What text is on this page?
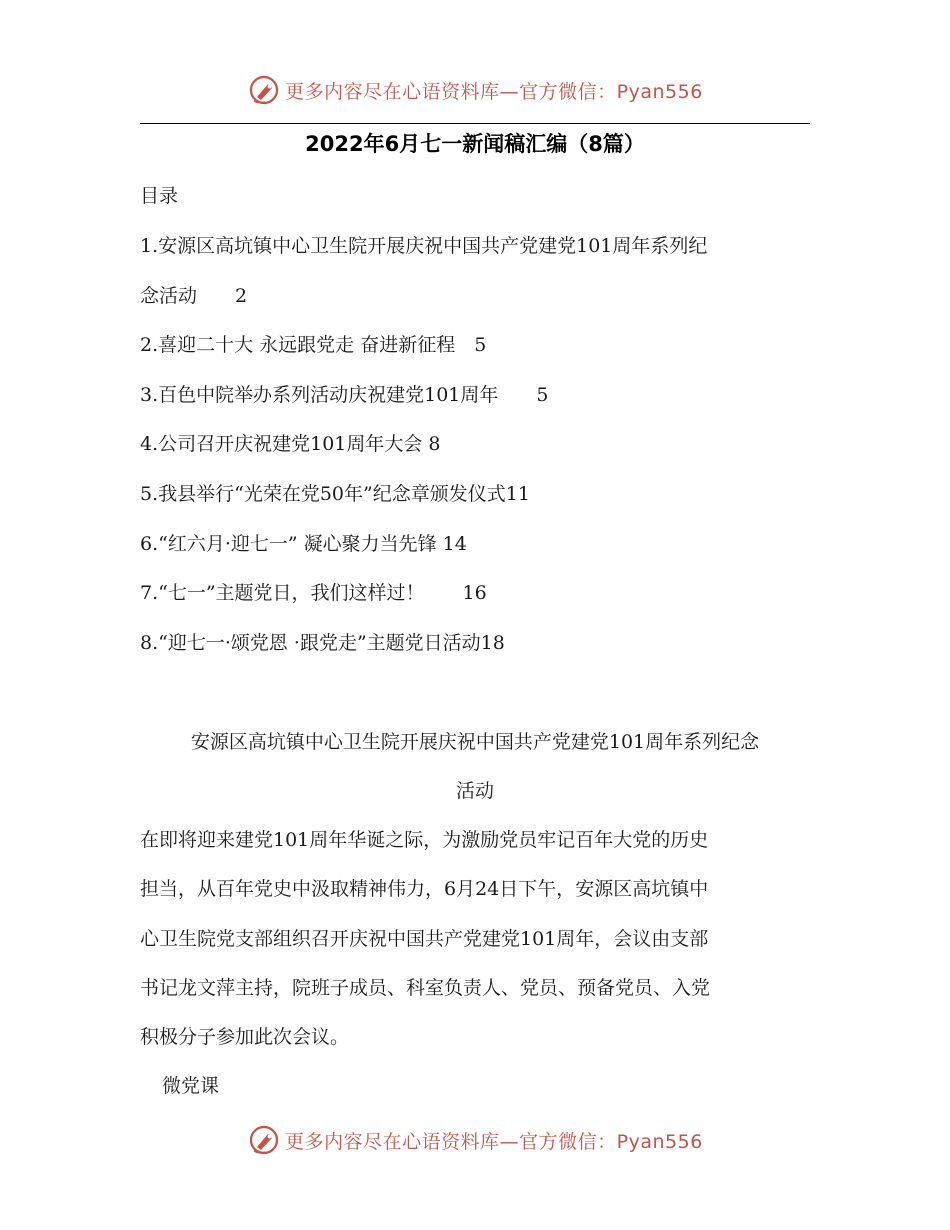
更多内容尽在心语资料库—官方微信：Pyan556
2022年6月七一新闻稿汇编（8篇）
目录
1.安源区高坑镇中心卫生院开展庆祝中国共产党建党101周年系列纪
念活动　　2
2.喜迎二十大 永远跟党走 奋进新征程　5
3.百色中院举办系列活动庆祝建党101周年　　5
4.公司召开庆祝建党101周年大会 8
5.我县举行“光荣在党50年”纪念章颁发仪式11
6.“红六月·迎七一” 凝心聚力当先锋 14
7.“七一”主题党日，我们这样过！　　16
8.“迎七一·颂党恩 ·跟党走”主题党日活动18
安源区高坑镇中心卫生院开展庆祝中国共产党建党101周年系列纪念
活动
在即将迎来建党101周年华诞之际，为激励党员牢记百年大党的历史
担当，从百年党史中汲取精神伟力，6月24日下午，安源区高坑镇中
心卫生院党支部组织召开庆祝中国共产党建党101周年，会议由支部
书记龙文萍主持，院班子成员、科室负责人、党员、预备党员、入党
积极分子参加此次会议。
微党课
更多内容尽在心语资料库—官方微信：Pyan556
